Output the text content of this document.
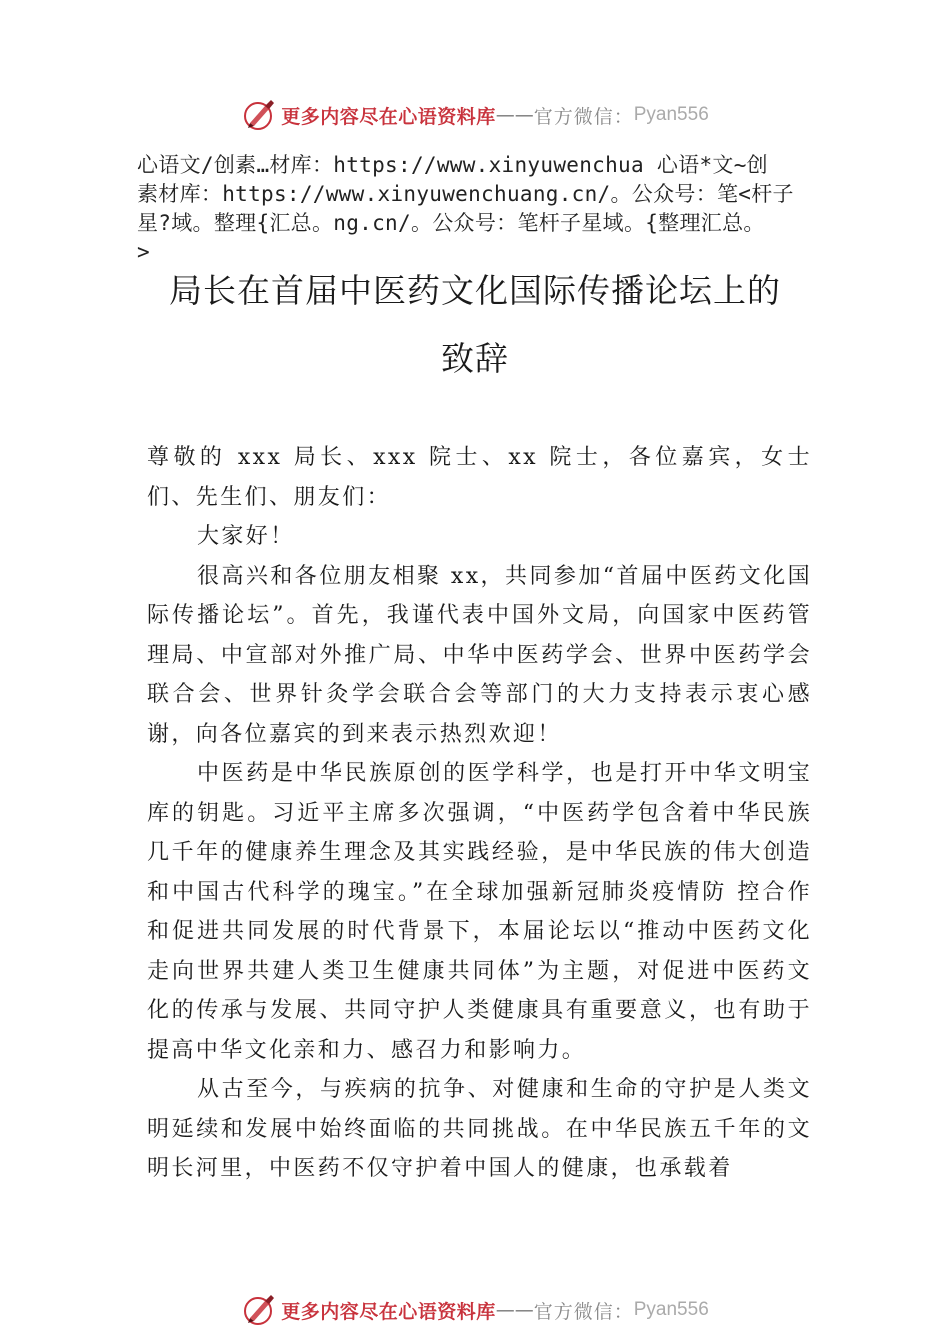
更多内容尽在心语资料库 —— 官方微信： Pyan556
心语文/创素…材库：https://www.xinyuwenchua 心语*文~创
素材库：https://www.xinyuwenchuang.cn/。公众号：笔<杆子
星?域。整理{汇总。ng.cn/。公众号：笔杆子星域。{整理汇总。
>
局长在首届中医药文化国际传播论坛上的
致辞

尊敬的 xxx 局长、xxx 院士、xx 院士，各位嘉宾，女士们、先生们、朋友们：

大家好！

很高兴和各位朋友相聚 xx，共同参加“首届中医药文化国际传播论坛”。首先，我谨代表中国外文局，向国家中医药管理局、中宣部对外推广局、中华中医药学会、世界中医药学会联合会、世界针灸学会联合会等部门的大力支持表示衷心感谢，向各位嘉宾的到来表示热烈欢迎！

中医药是中华民族原创的医学科学，也是打开中华文明宝库的钥匙。习近平主席多次强调，“中医药学包含着中华民族几千年的健康养生理念及其实践经验，是中华民族的伟大创造和中国古代科学的瑰宝。”在全球加强新冠肺炎疫情防 控合作和促进共同发展的时代背景下，本届论坛以“推动中医药文化走向世界共建人类卫生健康共同体”为主题，对促进中医药文化的传承与发展、共同守护人类健康具有重要意义，也有助于提高中华文化亲和力、感召力和影响力。

从古至今，与疾病的抗争、对健康和生命的守护是人类文明延续和发展中始终面临的共同挑战。在中华民族五千年的文明长河里，中医药不仅守护着中国人的健康，也承载着

更多内容尽在心语资料库 —— 官方微信： Pyan556
